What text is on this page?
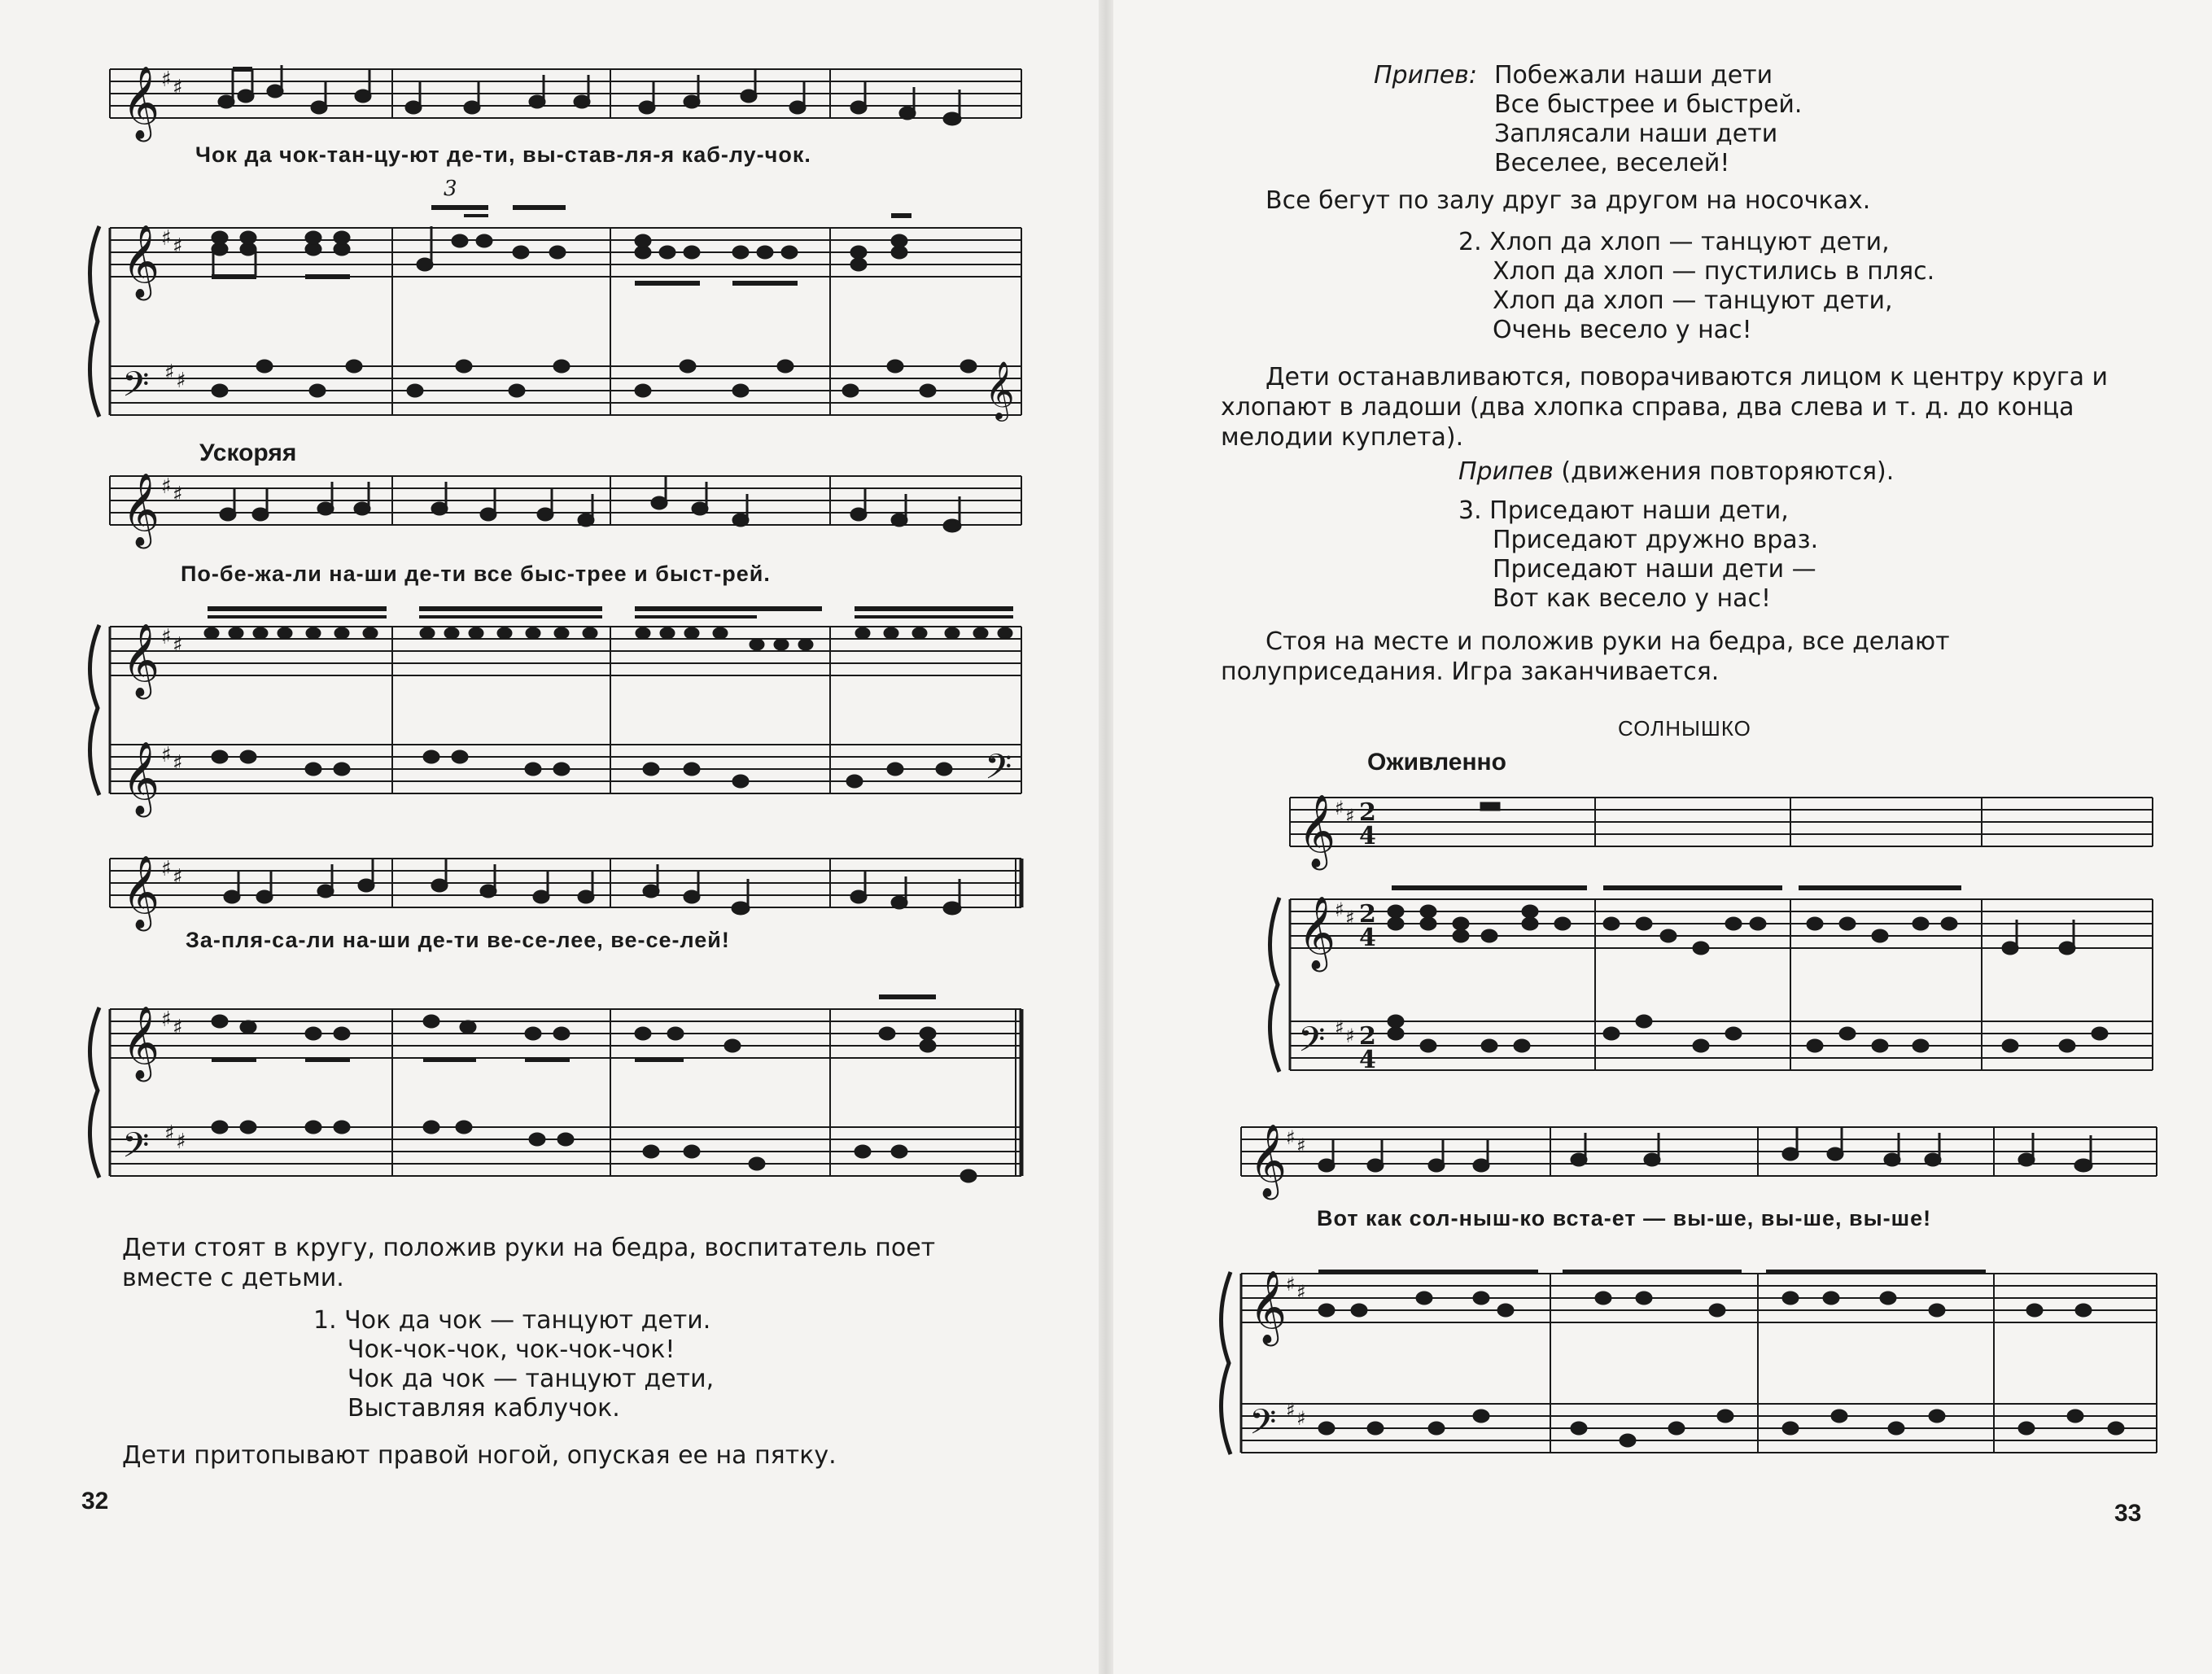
𝄞 ♯ ♯
𝄞 ♯ ♯
𝄢 ♯ ♯	𝄞
3
Чок да чок-тан-цу-ют де-ти, вы-став-ля-я каб-лу-чок.
Ускоряя
𝄞 ♯ ♯
𝄞 ♯ ♯
𝄞 ♯ ♯	𝄢
По-бе-жа-ли на-ши де-ти все быс-трее и быст-рей.
𝄞 ♯ ♯
𝄞 ♯ ♯
𝄢 ♯ ♯
За-пля-са-ли на-ши де-ти ве-се-лее, ве-се-лей!
Дети стоят в кругу, положив руки на бедра, воспитатель поет вместе с детьми.
1. Чок да чок — танцуют дети.
Чок-чок-чок, чок-чок-чок!
Чок да чок — танцуют дети,
Выставляя каблучок.
Дети притопывают правой ногой, опуская ее на пятку.
32
Припев: Побежали наши дети
Все быстрее и быстрей.
Заплясали наши дети
Веселее, веселей!
Все бегут по залу друг за другом на носочках.
2. Хлоп да хлоп — танцуют дети,
Хлоп да хлоп — пустились в пляс.
Хлоп да хлоп — танцуют дети,
Очень весело у нас!
Дети останавливаются, поворачиваются лицом к центру круга и хлопают в ладоши (два хлопка справа, два слева и т. д. до конца мелодии куплета).
Припев (движения повторяются).
3. Приседают наши дети,
Приседают дружно враз.
Приседают наши дети —
Вот как весело у нас!
Стоя на месте и положив руки на бедра, все делают полуприседания. Игра заканчивается.
СОЛНЫШКО
Оживленно
𝄞
♯ ♯
𝄞
♯ ♯
𝄢 ♯ ♯
2
4
2
4
2
4
𝄞
♯ ♯
𝄞
♯ ♯
𝄢 ♯ ♯
Вот как сол-ныш-ко вста-ет — вы-ше, вы-ше, вы-ше!
33
